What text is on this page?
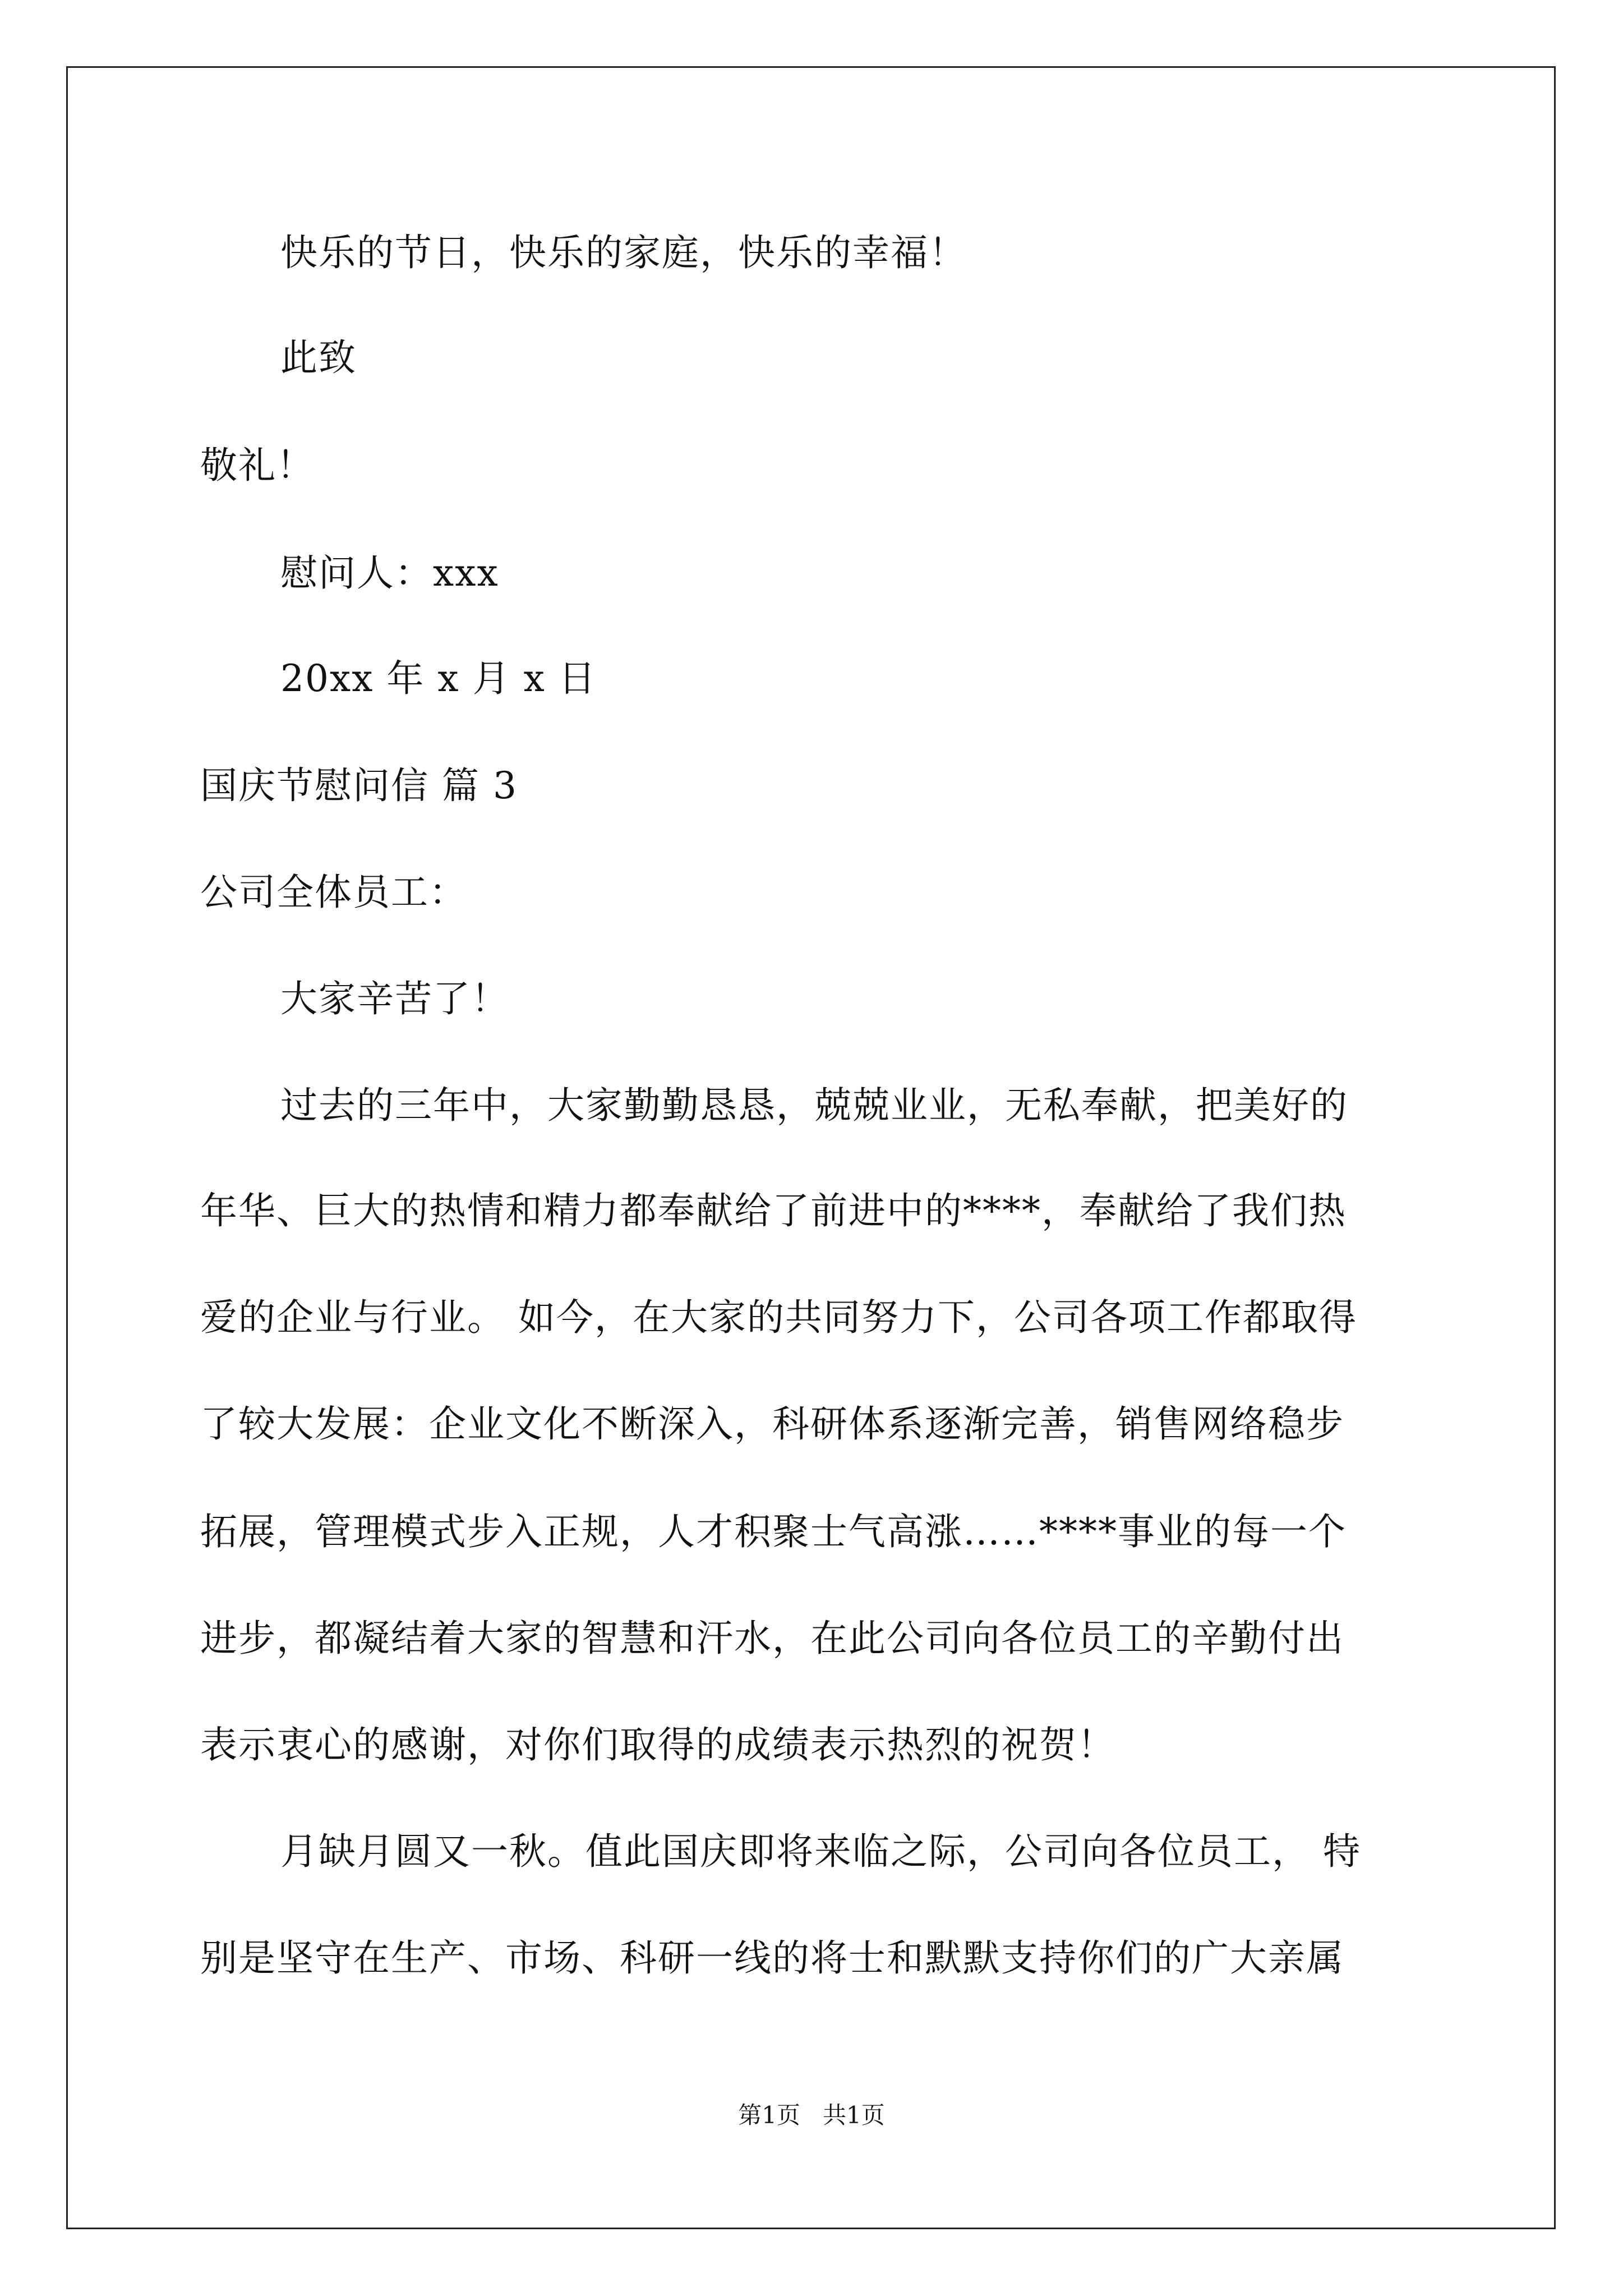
快乐的节日，快乐的家庭，快乐的幸福！
此致
敬礼！
慰问人：xxx
20xx 年 x 月 x 日
国庆节慰问信 篇 3
公司全体员工：
大家辛苦了！
过去的三年中，大家勤勤恳恳，兢兢业业，无私奉献，把美好的
年华、巨大的热情和精力都奉献给了前进中的****，奉献给了我们热
爱的企业与行业。 如今，在大家的共同努力下，公司各项工作都取得
了较大发展：企业文化不断深入，科研体系逐渐完善，销售网络稳步
拓展，管理模式步入正规，人才积聚士气高涨……****事业的每一个
进步，都凝结着大家的智慧和汗水，在此公司向各位员工的辛勤付出
表示衷心的感谢，对你们取得的成绩表示热烈的祝贺！
月缺月圆又一秋。值此国庆即将来临之际，公司向各位员工， 特
别是坚守在生产、市场、科研一线的将士和默默支持你们的广大亲属
第1页   共1页
